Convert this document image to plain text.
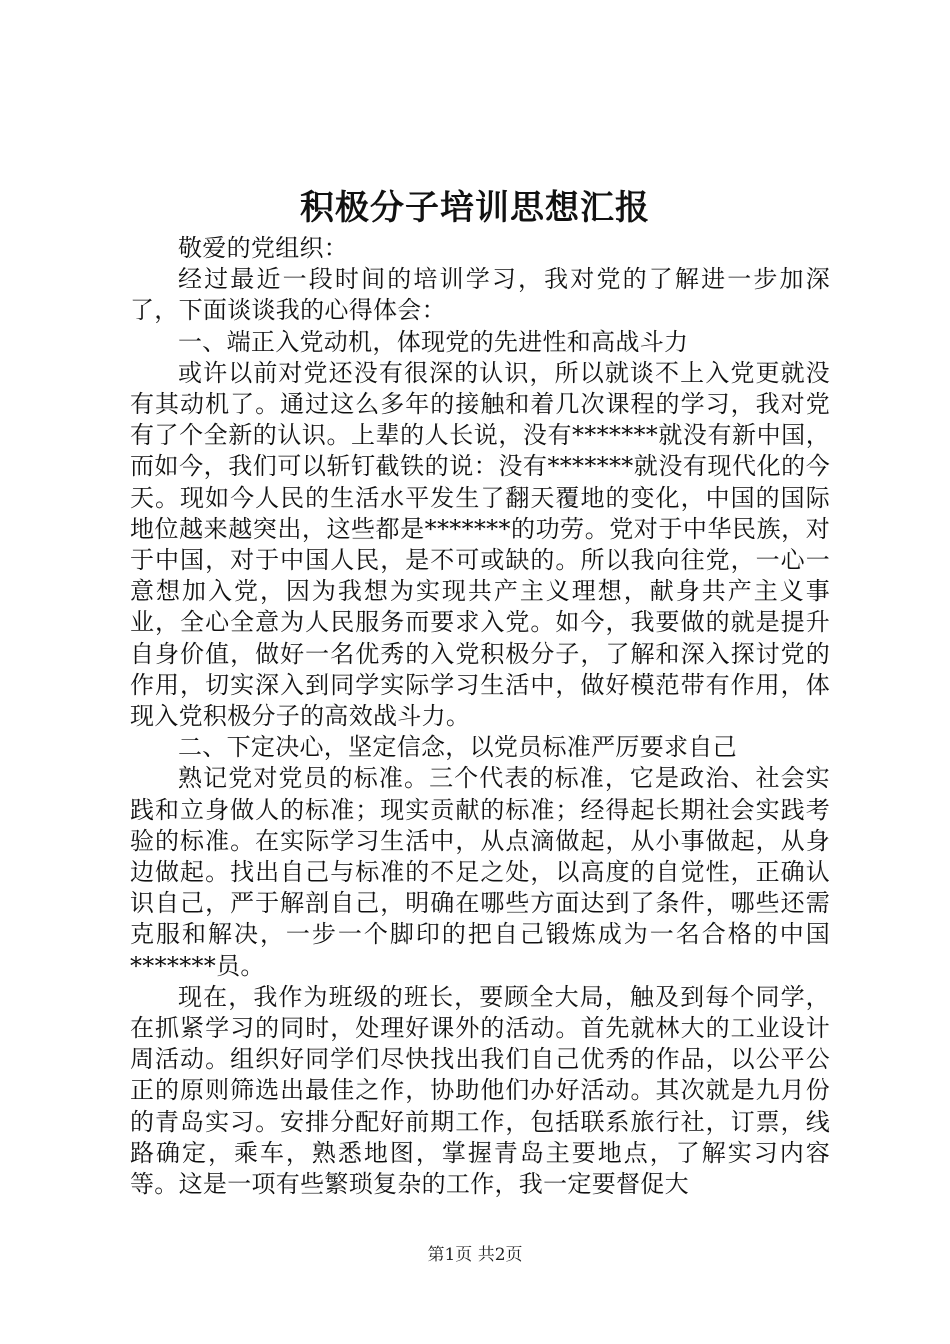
积极分子培训思想汇报

敬爱的党组织：

经过最近一段时间的培训学习，我对党的了解进一步加深了，下面谈谈我的心得体会：

一、端正入党动机，体现党的先进性和高战斗力

或许以前对党还没有很深的认识，所以就谈不上入党更就没有其动机了。通过这么多年的接触和着几次课程的学习，我对党有了个全新的认识。上辈的人长说，没有*******就没有新中国，而如今，我们可以斩钉截铁的说：没有*******就没有现代化的今天。现如今人民的生活水平发生了翻天覆地的变化，中国的国际地位越来越突出，这些都是*******的功劳。党对于中华民族，对于中国，对于中国人民，是不可或缺的。所以我向往党，一心一意想加入党，因为我想为实现共产主义理想，献身共产主义事业，全心全意为人民服务而要求入党。如今，我要做的就是提升自身价值，做好一名优秀的入党积极分子，了解和深入探讨党的作用，切实深入到同学实际学习生活中，做好模范带有作用，体现入党积极分子的高效战斗力。

二、下定决心，坚定信念，以党员标准严厉要求自己

熟记党对党员的标准。三个代表的标准，它是政治、社会实践和立身做人的标准；现实贡献的标准；经得起长期社会实践考验的标准。在实际学习生活中，从点滴做起，从小事做起，从身边做起。找出自己与标准的不足之处，以高度的自觉性，正确认识自己，严于解剖自己，明确在哪些方面达到了条件，哪些还需克服和解决，一步一个脚印的把自己锻炼成为一名合格的中国*******员。

现在，我作为班级的班长，要顾全大局，触及到每个同学，在抓紧学习的同时，处理好课外的活动。首先就林大的工业设计周活动。组织好同学们尽快找出我们自己优秀的作品，以公平公正的原则筛选出最佳之作，协助他们办好活动。其次就是九月份的青岛实习。安排分配好前期工作，包括联系旅行社，订票，线路确定，乘车，熟悉地图，掌握青岛主要地点，了解实习内容等。这是一项有些繁琐复杂的工作，我一定要督促大

第1页 共2页
